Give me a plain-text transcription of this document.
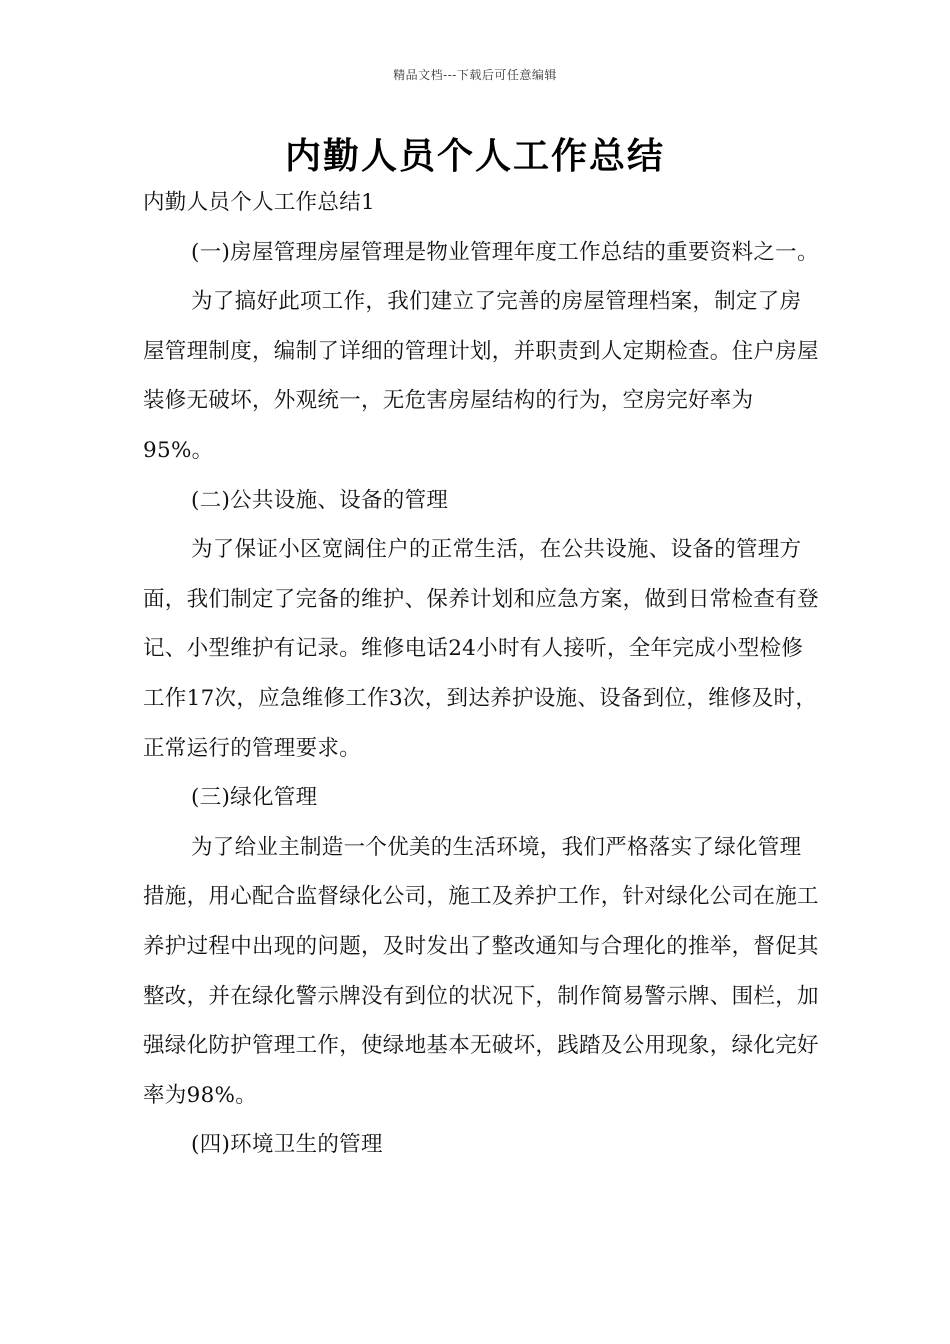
精品文档---下载后可任意编辑
内勤人员个人工作总结

内勤人员个人工作总结1

(一)房屋管理房屋管理是物业管理年度工作总结的重要资料之一。

为了搞好此项工作，我们建立了完善的房屋管理档案，制定了房屋管理制度，编制了详细的管理计划，并职责到人定期检查。住户房屋装修无破坏，外观统一，无危害房屋结构的行为，空房完好率为95%。

(二)公共设施、设备的管理

为了保证小区宽阔住户的正常生活，在公共设施、设备的管理方面，我们制定了完备的维护、保养计划和应急方案，做到日常检查有登记、小型维护有记录。维修电话24小时有人接听，全年完成小型检修工作17次，应急维修工作3次，到达养护设施、设备到位，维修及时，正常运行的管理要求。

(三)绿化管理

为了给业主制造一个优美的生活环境，我们严格落实了绿化管理措施，用心配合监督绿化公司，施工及养护工作，针对绿化公司在施工养护过程中出现的问题，及时发出了整改通知与合理化的推举，督促其整改，并在绿化警示牌没有到位的状况下，制作简易警示牌、围栏，加强绿化防护管理工作，使绿地基本无破坏，践踏及公用现象，绿化完好率为98%。

(四)环境卫生的管理
